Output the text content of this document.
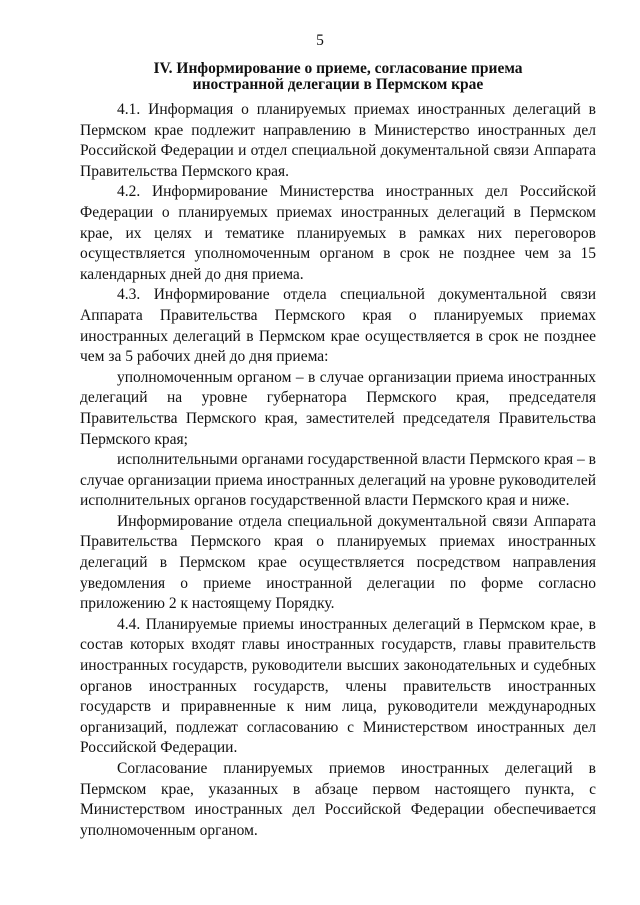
5
IV. Информирование о приеме, согласование приема
иностранной делегации в Пермском крае

4.1. Информация о планируемых приемах иностранных делегаций в Пермском крае подлежит направлению в Министерство иностранных дел Российской Федерации и отдел специальной документальной связи Аппарата Правительства Пермского края.

4.2. Информирование Министерства иностранных дел Российской Федерации о планируемых приемах иностранных делегаций в Пермском крае, их целях и тематике планируемых в рамках них переговоров осуществляется уполномоченным органом в срок не позднее чем за 15 календарных дней до дня приема.

4.3. Информирование отдела специальной документальной связи Аппарата Правительства Пермского края о планируемых приемах иностранных делегаций в Пермском крае осуществляется в срок не позднее чем за 5 рабочих дней до дня приема:

уполномоченным органом – в случае организации приема иностранных делегаций на уровне губернатора Пермского края, председателя Правительства Пермского края, заместителей председателя Правительства Пермского края;

исполнительными органами государственной власти Пермского края – в случае организации приема иностранных делегаций на уровне руководителей исполнительных органов государственной власти Пермского края и ниже.

Информирование отдела специальной документальной связи Аппарата Правительства Пермского края о планируемых приемах иностранных делегаций в Пермском крае осуществляется посредством направления уведомления о приеме иностранной делегации по форме согласно приложению 2 к настоящему Порядку.

4.4. Планируемые приемы иностранных делегаций в Пермском крае, в состав которых входят главы иностранных государств, главы правительств иностранных государств, руководители высших законодательных и судебных органов иностранных государств, члены правительств иностранных государств и приравненные к ним лица, руководители международных организаций, подлежат согласованию с Министерством иностранных дел Российской Федерации.

Согласование планируемых приемов иностранных делегаций в Пермском крае, указанных в абзаце первом настоящего пункта, с Министерством иностранных дел Российской Федерации обеспечивается уполномоченным органом.
